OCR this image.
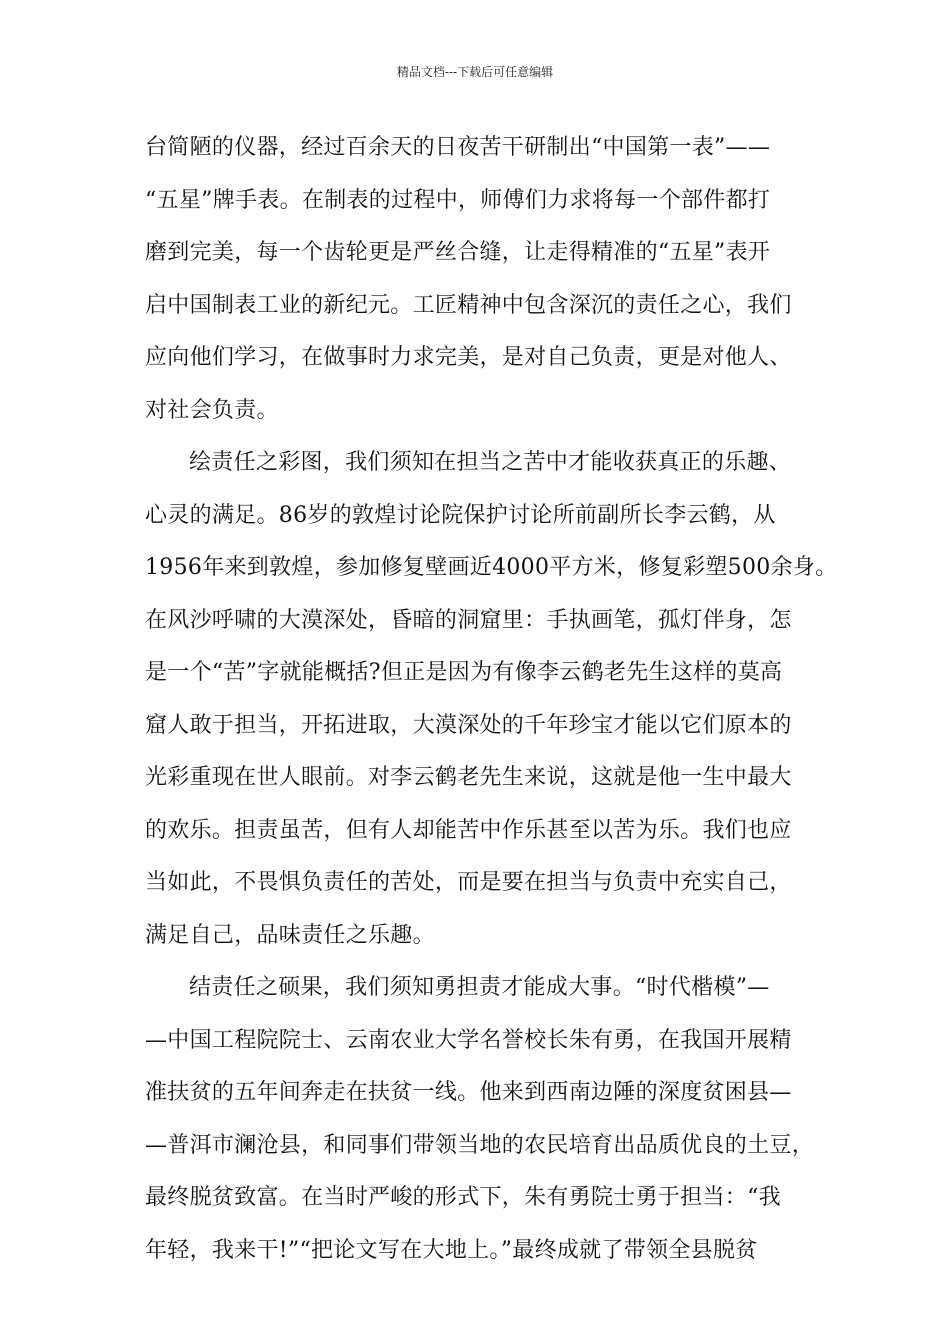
精品文档---下载后可任意编辑
台简陋的仪器，经过百余天的日夜苦干研制出“中国第一表”——
“五星”牌手表。在制表的过程中，师傅们力求将每一个部件都打
磨到完美，每一个齿轮更是严丝合缝，让走得精准的“五星”表开
启中国制表工业的新纪元。工匠精神中包含深沉的责任之心，我们
应向他们学习，在做事时力求完美，是对自己负责，更是对他人、
对社会负责。
绘责任之彩图，我们须知在担当之苦中才能收获真正的乐趣、
心灵的满足。86岁的敦煌讨论院保护讨论所前副所长李云鹤，从
1956年来到敦煌，参加修复壁画近4000平方米，修复彩塑500余身。
在风沙呼啸的大漠深处，昏暗的洞窟里：手执画笔，孤灯伴身，怎
是一个“苦”字就能概括?但正是因为有像李云鹤老先生这样的莫高
窟人敢于担当，开拓进取，大漠深处的千年珍宝才能以它们原本的
光彩重现在世人眼前。对李云鹤老先生来说，这就是他一生中最大
的欢乐。担责虽苦，但有人却能苦中作乐甚至以苦为乐。我们也应
当如此，不畏惧负责任的苦处，而是要在担当与负责中充实自己，
满足自己，品味责任之乐趣。
结责任之硕果，我们须知勇担责才能成大事。“时代楷模”—
—中国工程院院士、云南农业大学名誉校长朱有勇，在我国开展精
准扶贫的五年间奔走在扶贫一线。他来到西南边陲的深度贫困县—
—普洱市澜沧县，和同事们带领当地的农民培育出品质优良的土豆，
最终脱贫致富。在当时严峻的形式下，朱有勇院士勇于担当：“我
年轻，我来干!”“把论文写在大地上。”最终成就了带领全县脱贫
